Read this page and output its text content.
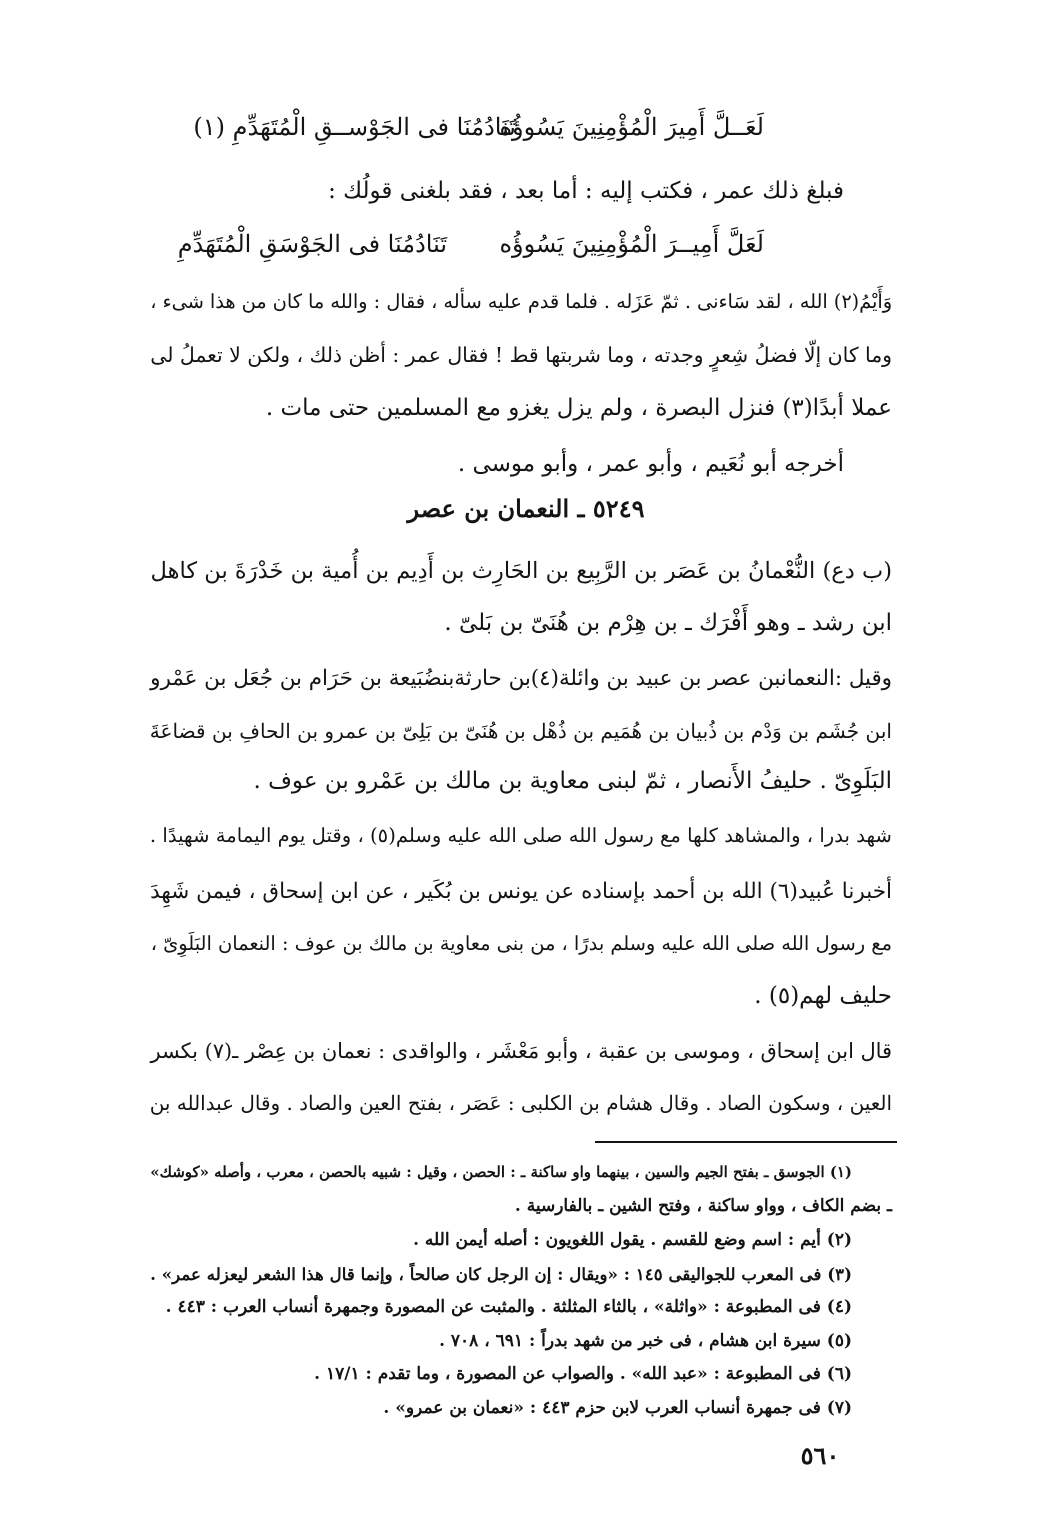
لَعَــلَّ أَمِيرَ الْمُؤْمِنِينَ يَسُوؤُه
تَنَادُمُنَا فى الجَوْســقِ الْمُتَهَدِّمِ (١)
فبلغ ذلك عمر ، فكتب إليه : أما بعد ، فقد بلغنى قولُك :
لَعَلَّ أَمِيــرَ الْمُؤْمِنِينَ يَسُوؤُه
تَنَادُمُنَا فى الجَوْسَقِ الْمُتَهَدِّمِ
وَأَيْمُ(٢) الله ، لقد سَاءنى . ثمّ عَزَله . فلما قدم عليه سأله ، فقال : والله ما كان من هذا شىء ،
وما كان إلّا فضلُ شِعرٍ وجدته ، وما شربتها قط ! فقال عمر : أظن ذلك ، ولكن لا تعملُ لى
عملا أبدًا(٣) فنزل البصرة ، ولم يزل يغزو مع المسلمين حتى مات .
أخرجه أبو نُعَيم ، وأبو عمر ، وأبو موسى .
٥٢٤٩ ـ النعمان بن عصر
(ب دع) النُّعْمانُ بن عَصَر بن الرَّبِيع بن الحَارِث بن أَدِيم بن أُمية بن خَدْرَةَ بن كاهل
ابن رشد ـ وهو أَفْرَك ـ بن هِرْم بن هُنَىّ بن بَلىّ .
وقيل :النعمانبن عصر بن عبيد بن وائلة(٤)بن حارثةبنضُبَيعة بن حَرَام بن جُعَل بن عَمْرو
ابن جُشَم بن وَدْم بن ذُبيان بن هُمَيم بن ذُهْل بن هُنَىّ بن بَلِىّ بن عمرو بن الحافِ بن قضاعَةَ
البَلَوِىّ . حليفُ الأَنصار ، ثمّ لبنى معاوية بن مالك بن عَمْرو بن عوف .
شهد بدرا ، والمشاهد كلها مع رسول الله صلى الله عليه وسلم(٥) ، وقتل يوم اليمامة شهيدًا .
أخبرنا عُبيد(٦) الله بن أحمد بإسناده عن يونس بن بُكَير ، عن ابن إسحاق ، فيمن شَهِدَ
مع رسول الله صلى الله عليه وسلم بدرًا ، من بنى معاوية بن مالك بن عوف : النعمان البَلَوِىّ ،
حليف لهم(٥) .
قال ابن إسحاق ، وموسى بن عقبة ، وأبو مَعْشَر ، والواقدى : نعمان بن عِصْر ـ(٧) بكسر
العين ، وسكون الصاد . وقال هشام بن الكلبى : عَصَر ، بفتح العين والصاد . وقال عبدالله بن
(١) الجوسق ـ بفتح الجيم والسين ، بينهما واو ساكنة ـ : الحصن ، وقيل : شبيه بالحصن ، معرب ، وأصله «كوشك»
ـ بضم الكاف ، وواو ساكنة ، وفتح الشين ـ بالفارسية .
(٢) أيم : اسم وضع للقسم . يقول اللغويون : أصله أيمن الله .
(٣) فى المعرب للجواليقى ١٤٥ : «ويقال : إن الرجل كان صالحاً ، وإنما قال هذا الشعر ليعزله عمر» .
(٤) فى المطبوعة : «واثلة» ، بالثاء المثلثة . والمثبت عن المصورة وجمهرة أنساب العرب : ٤٤٣ .
(٥) سيرة ابن هشام ، فى خبر من شهد بدراً : ٦٩١ ، ٧٠٨ .
(٦) فى المطبوعة : «عبد الله» . والصواب عن المصورة ، وما تقدم : ١٧/١ .
(٧) فى جمهرة أنساب العرب لابن حزم ٤٤٣ : «نعمان بن عمرو» .
٥٦٠
